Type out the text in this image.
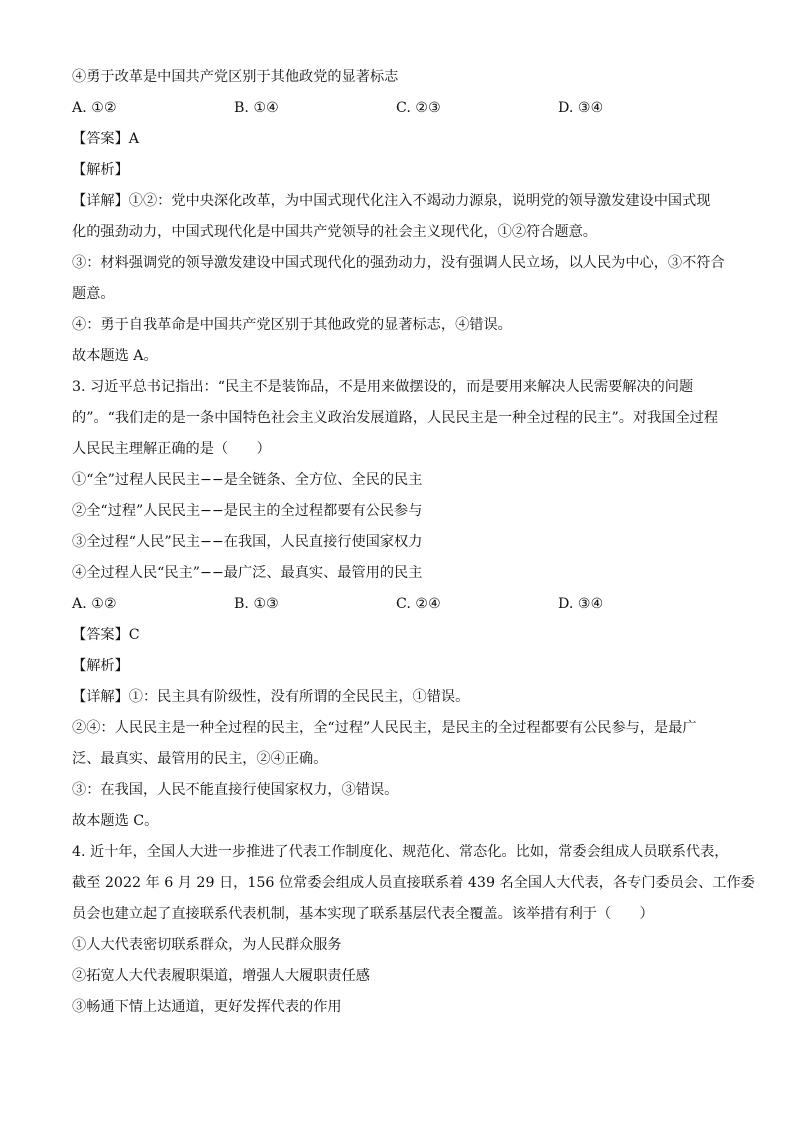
④勇于改革是中国共产党区别于其他政党的显著标志
A. ①②	B. ①④	C. ②③	D. ③④
【答案】A
【解析】
【详解】①②：党中央深化改革，为中国式现代化注入不竭动力源泉，说明党的领导激发建设中国式现
化的强劲动力，中国式现代化是中国共产党领导的社会主义现代化，①②符合题意。
③：材料强调党的领导激发建设中国式现代化的强劲动力，没有强调人民立场，以人民为中心，③不符合
题意。
④：勇于自我革命是中国共产党区别于其他政党的显著标志，④错误。
故本题选 A。
3. 习近平总书记指出：“民主不是装饰品，不是用来做摆设的，而是要用来解决人民需要解决的问题
的”。“我们走的是一条中国特色社会主义政治发展道路，人民民主是一种全过程的民主”。对我国全过程
人民民主理解正确的是（　　）
①“全”过程人民民主−−是全链条、全方位、全民的民主
②全“过程”人民民主−−是民主的全过程都要有公民参与
③全过程“人民”民主−−在我国，人民直接行使国家权力
④全过程人民“民主”−−最广泛、最真实、最管用的民主
A. ①②	B. ①③	C. ②④	D. ③④
【答案】C
【解析】
【详解】①：民主具有阶级性，没有所谓的全民民主，①错误。
②④：人民民主是一种全过程的民主，全“过程”人民民主，是民主的全过程都要有公民参与，是最广
泛、最真实、最管用的民主，②④正确。
③：在我国，人民不能直接行使国家权力，③错误。
故本题选 C。
4. 近十年，全国人大进一步推进了代表工作制度化、规范化、常态化。比如，常委会组成人员联系代表，
截至 2022 年 6 月 29 日，156 位常委会组成人员直接联系着 439 名全国人大代表，各专门委员会、工作委
员会也建立起了直接联系代表机制，基本实现了联系基层代表全覆盖。该举措有利于（　　）
①人大代表密切联系群众，为人民群众服务
②拓宽人大代表履职渠道，增强人大履职责任感
③畅通下情上达通道，更好发挥代表的作用
